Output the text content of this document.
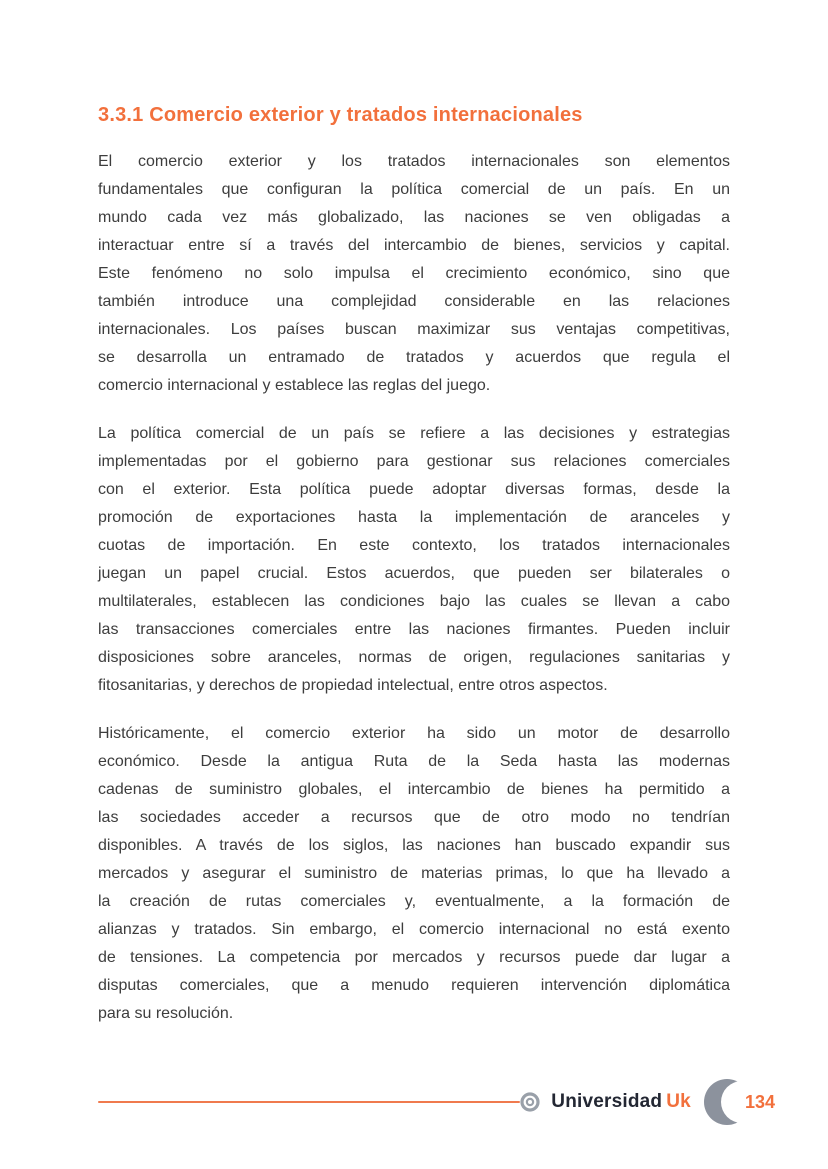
3.3.1 Comercio exterior y tratados internacionales

El comercio exterior y los tratados internacionales son elementos
fundamentales que configuran la política comercial de un país. En un
mundo cada vez más globalizado, las naciones se ven obligadas a
interactuar entre sí a través del intercambio de bienes, servicios y capital.
Este fenómeno no solo impulsa el crecimiento económico, sino que
también introduce una complejidad considerable en las relaciones
internacionales. Los países buscan maximizar sus ventajas competitivas,
se desarrolla un entramado de tratados y acuerdos que regula el
comercio internacional y establece las reglas del juego.

La política comercial de un país se refiere a las decisiones y estrategias
implementadas por el gobierno para gestionar sus relaciones comerciales
con el exterior. Esta política puede adoptar diversas formas, desde la
promoción de exportaciones hasta la implementación de aranceles y
cuotas de importación. En este contexto, los tratados internacionales
juegan un papel crucial. Estos acuerdos, que pueden ser bilaterales o
multilaterales, establecen las condiciones bajo las cuales se llevan a cabo
las transacciones comerciales entre las naciones firmantes. Pueden incluir
disposiciones sobre aranceles, normas de origen, regulaciones sanitarias y
fitosanitarias, y derechos de propiedad intelectual, entre otros aspectos.

Históricamente, el comercio exterior ha sido un motor de desarrollo
económico. Desde la antigua Ruta de la Seda hasta las modernas
cadenas de suministro globales, el intercambio de bienes ha permitido a
las sociedades acceder a recursos que de otro modo no tendrían
disponibles. A través de los siglos, las naciones han buscado expandir sus
mercados y asegurar el suministro de materias primas, lo que ha llevado a
la creación de rutas comerciales y, eventualmente, a la formación de
alianzas y tratados. Sin embargo, el comercio internacional no está exento
de tensiones. La competencia por mercados y recursos puede dar lugar a
disputas comerciales, que a menudo requieren intervención diplomática
para su resolución.

Universidad Uk	134
